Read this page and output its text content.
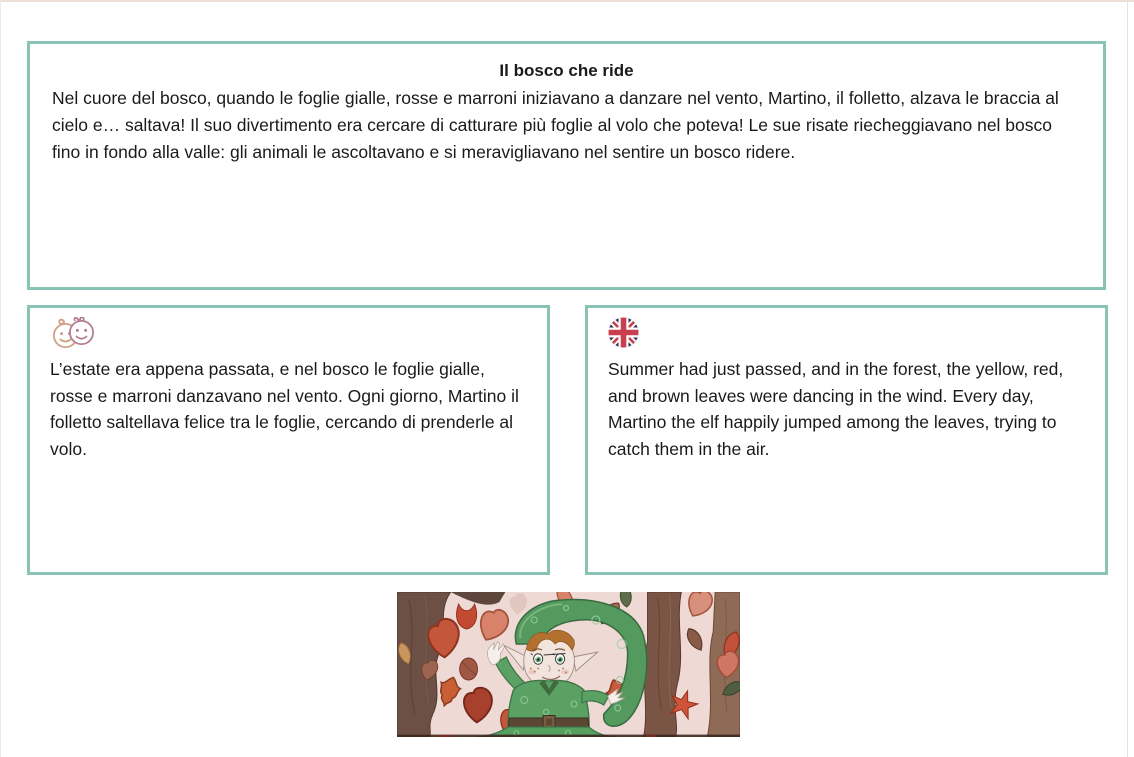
Il bosco che ride

Nel cuore del bosco, quando le foglie gialle, rosse e marroni iniziavano a danzare nel vento, Martino, il folletto, alzava le braccia al cielo e… saltava! Il suo divertimento era cercare di catturare più foglie al volo che poteva! Le sue risate riecheggiavano nel bosco fino in fondo alla valle: gli animali le ascoltavano e si meravigliavano nel sentire un bosco ridere.

L’estate era appena passata, e nel bosco le foglie gialle, rosse e marroni danzavano nel vento. Ogni giorno, Martino il folletto saltellava felice tra le foglie, cercando di prenderle al volo.

Summer had just passed, and in the forest, the yellow, red, and brown leaves were dancing in the wind. Every day, Martino the elf happily jumped among the leaves, trying to catch them in the air.
